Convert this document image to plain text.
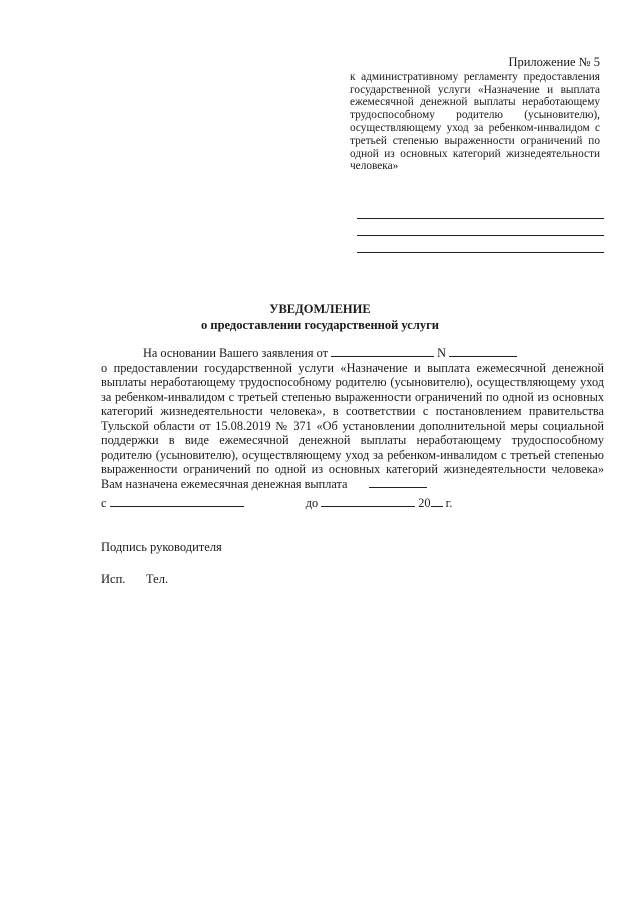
Приложение № 5
к административному регламенту предоставления государственной услуги «Назначение и выплата ежемесячной денежной выплаты неработающему трудоспособному родителю (усыновителю), осуществляющему уход за ребенком-инвалидом с третьей степенью выраженности ограничений по одной из основных категорий жизнедеятельности человека»
УВЕДОМЛЕНИЕ
о предоставлении государственной услуги
На основании Вашего заявления от	N
о предоставлении государственной услуги «Назначение и выплата ежемесячной денежной выплаты неработающему трудоспособному родителю (усыновителю), осуществляющему уход за ребенком-инвалидом с третьей степенью выраженности ограничений по одной из основных категорий жизнедеятельности человека», в соответствии с постановлением правительства Тульской области от 15.08.2019 № 371 «Об установлении дополнительной меры социальной поддержки в виде ежемесячной денежной выплаты неработающему трудоспособному родителю (усыновителю), осуществляющему уход за ребенком-инвалидом с третьей степенью выраженности ограничений по одной из основных категорий жизнедеятельности человека» Вам назначена ежемесячная денежная выплата
с	до	20 г.
Подпись руководителя
Исп. Тел.
